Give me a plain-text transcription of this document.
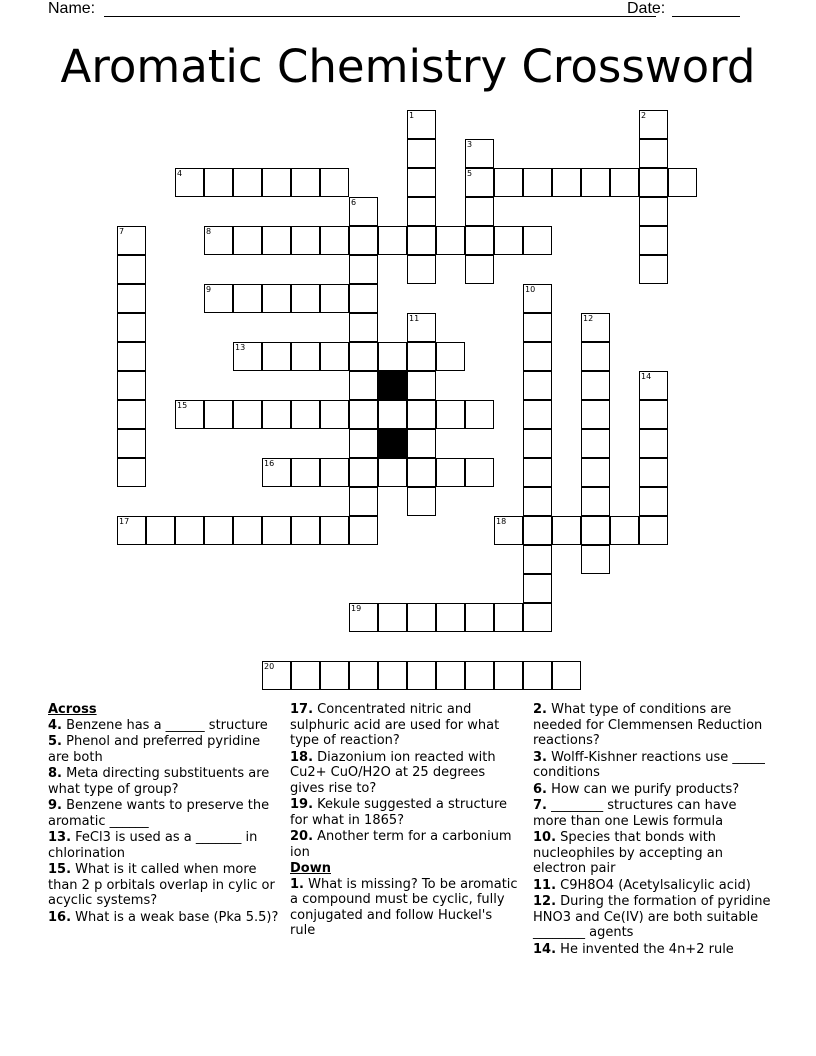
Name:	Date:
Aromatic Chemistry Crossword
1	2
3
5
4
6
7	8
9	10
11	12
13
14
15
16
17	18
19
20

Across

4. Benzene has a ______ structure

5. Phenol and preferred pyridine are both

8. Meta directing substituents are what type of group?

9. Benzene wants to preserve the aromatic ______

13. FeCl3 is used as a _______ in chlorination

15. What is it called when more than 2 p orbitals overlap in cylic or acyclic systems?

16. What is a weak base (Pka 5.5)?

17. Concentrated nitric and sulphuric acid are used for what type of reaction?

18. Diazonium ion reacted with Cu2+ CuO/H2O at 25 degrees gives rise to?

19. Kekule suggested a structure for what in 1865?

20. Another term for a carbonium ion

Down

1. What is missing? To be aromatic a compound must be cyclic, fully conjugated and follow Huckel's rule

2. What type of conditions are needed for Clemmensen Reduction reactions?

3. Wolff-Kishner reactions use _____ conditions

6. How can we purify products?

7. ________ structures can have more than one Lewis formula

10. Species that bonds with nucleophiles by accepting an electron pair

11. C9H8O4 (Acetylsalicylic acid)

12. During the formation of pyridine HNO3 and Ce(IV) are both suitable ________ agents

14. He invented the 4n+2 rule
